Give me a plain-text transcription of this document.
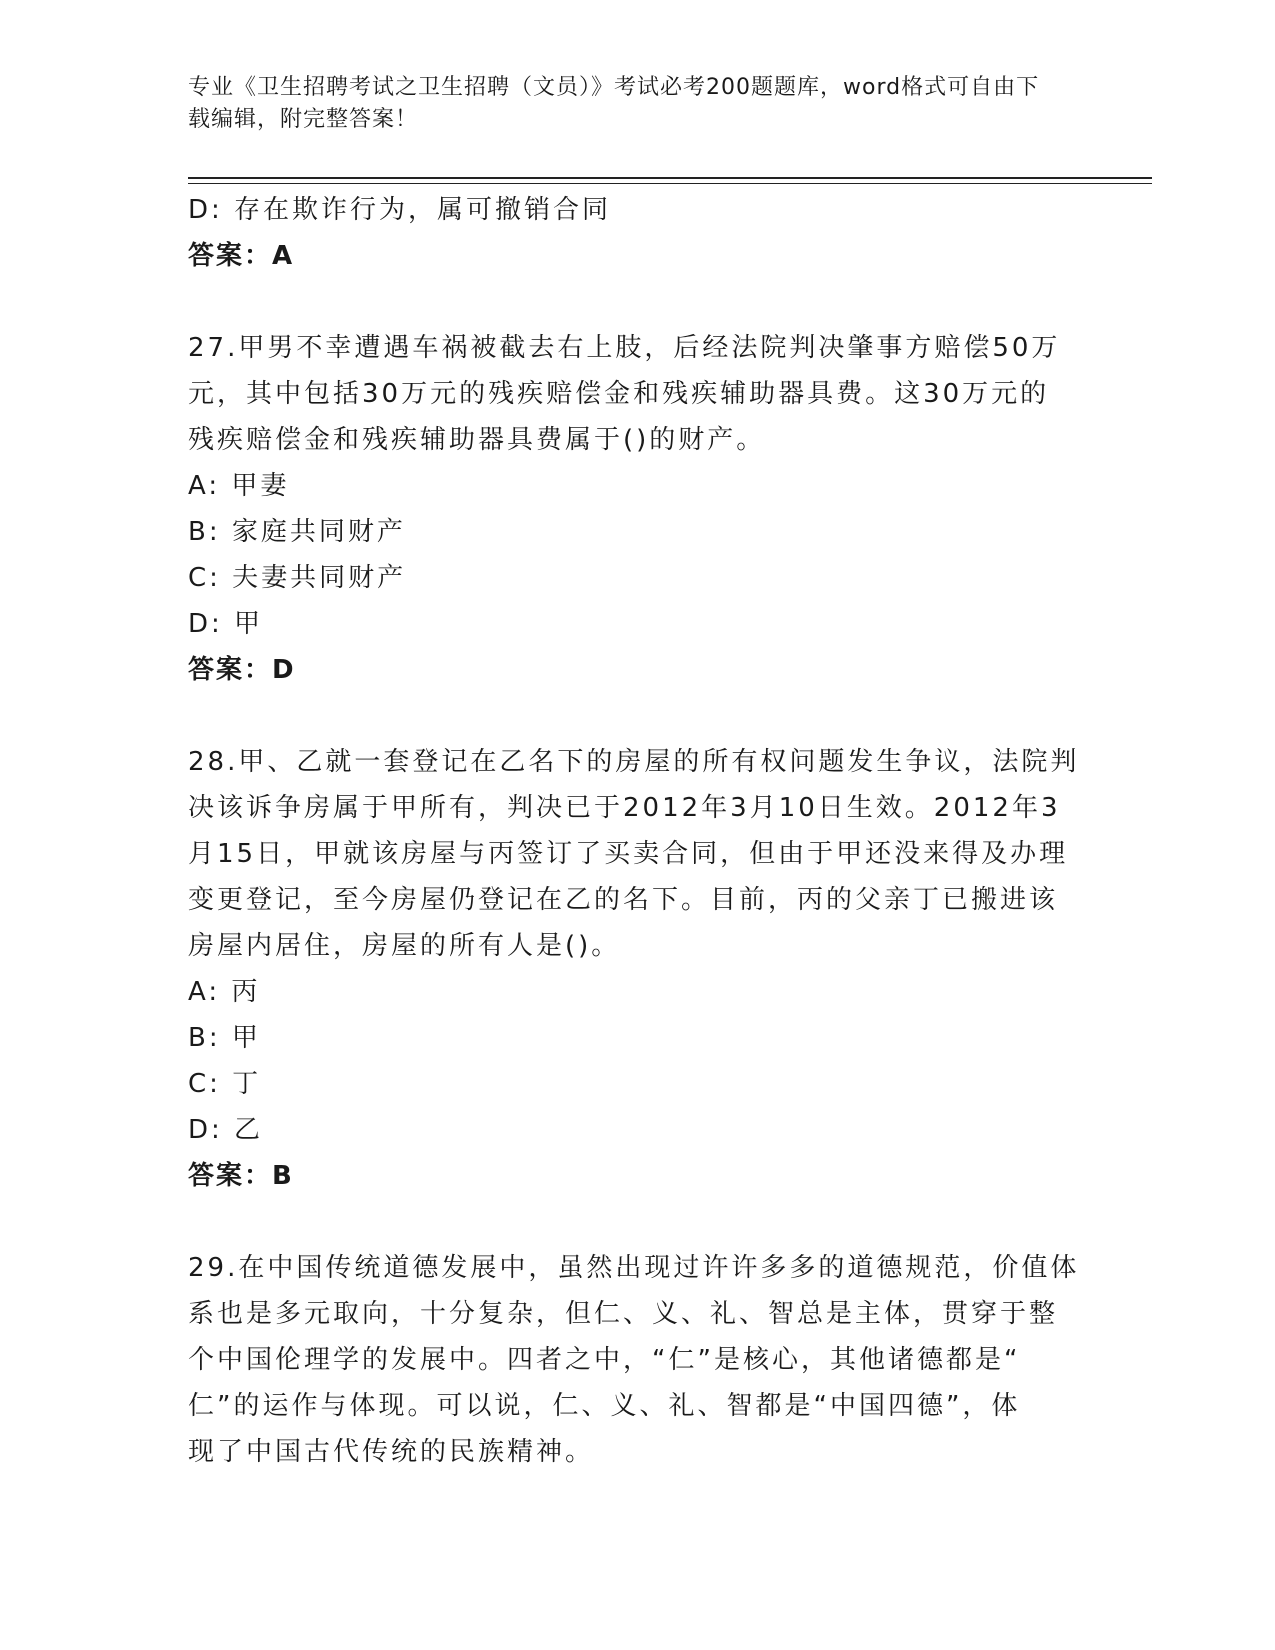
专业《卫生招聘考试之卫生招聘（文员）》考试必考200题题库，word格式可自由下载编辑，附完整答案！
D: 存在欺诈行为，属可撤销合同
答案：A
27.甲男不幸遭遇车祸被截去右上肢，后经法院判决肇事方赔偿50万
元，其中包括30万元的残疾赔偿金和残疾辅助器具费。这30万元的
残疾赔偿金和残疾辅助器具费属于()的财产。
A: 甲妻
B: 家庭共同财产
C: 夫妻共同财产
D: 甲
答案：D
28.甲、乙就一套登记在乙名下的房屋的所有权问题发生争议，法院判
决该诉争房属于甲所有，判决已于2012年3月10日生效。2012年3
月15日，甲就该房屋与丙签订了买卖合同，但由于甲还没来得及办理
变更登记，至今房屋仍登记在乙的名下。目前，丙的父亲丁已搬进该
房屋内居住，房屋的所有人是()。
A: 丙
B: 甲
C: 丁
D: 乙
答案：B
29.在中国传统道德发展中，虽然出现过许许多多的道德规范，价值体
系也是多元取向，十分复杂，但仁、义、礼、智总是主体，贯穿于整
个中国伦理学的发展中。四者之中，“仁”是核心，其他诸德都是“
仁”的运作与体现。可以说，仁、义、礼、智都是“中国四德”，体
现了中国古代传统的民族精神。
